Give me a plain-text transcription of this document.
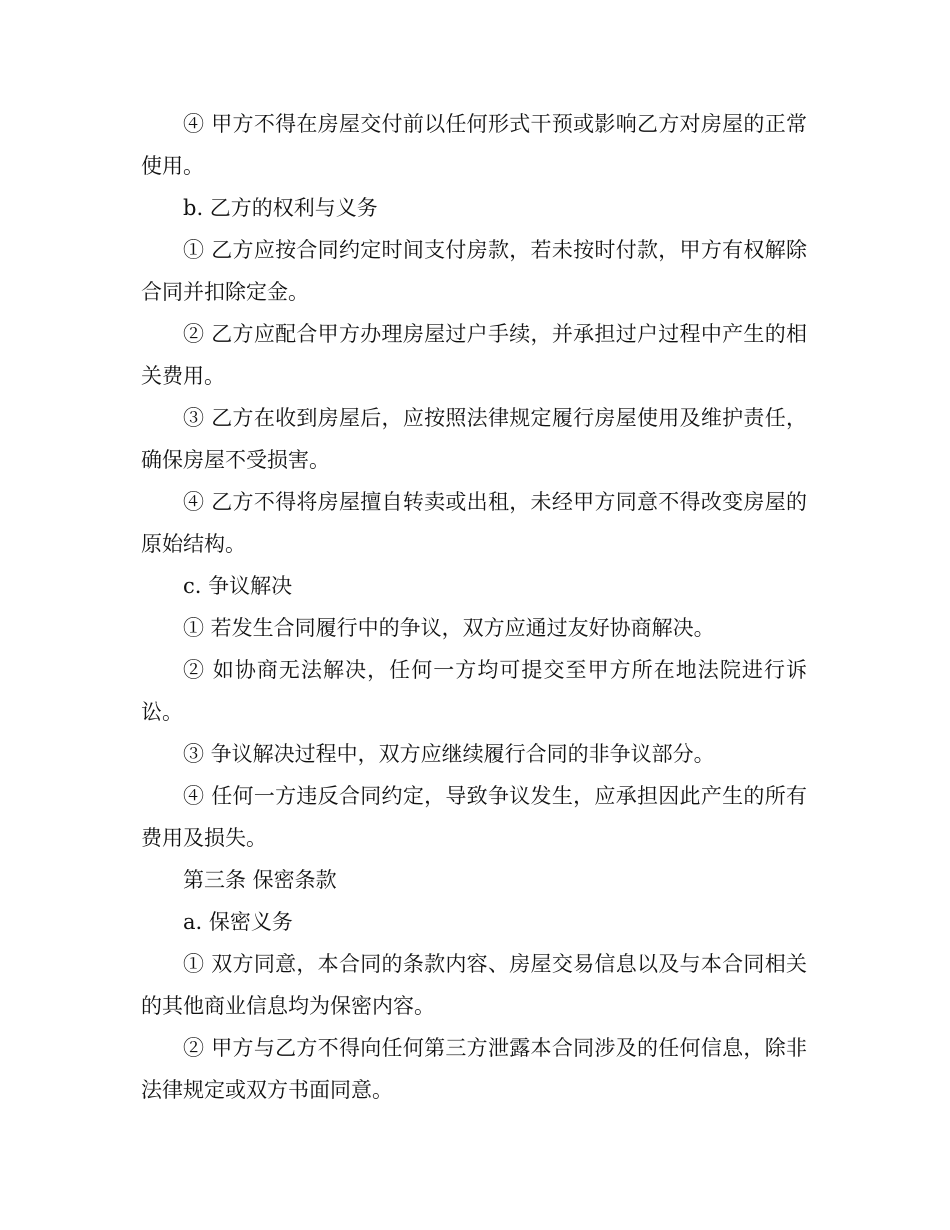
④ 甲方不得在房屋交付前以任何形式干预或影响乙方对房屋的正常使用。

b. 乙方的权利与义务

① 乙方应按合同约定时间支付房款，若未按时付款，甲方有权解除合同并扣除定金。

② 乙方应配合甲方办理房屋过户手续，并承担过户过程中产生的相关费用。

③ 乙方在收到房屋后，应按照法律规定履行房屋使用及维护责任，确保房屋不受损害。

④ 乙方不得将房屋擅自转卖或出租，未经甲方同意不得改变房屋的原始结构。

c. 争议解决

① 若发生合同履行中的争议，双方应通过友好协商解决。

② 如协商无法解决，任何一方均可提交至甲方所在地法院进行诉讼。

③ 争议解决过程中，双方应继续履行合同的非争议部分。

④ 任何一方违反合同约定，导致争议发生，应承担因此产生的所有费用及损失。

第三条 保密条款

a. 保密义务

① 双方同意，本合同的条款内容、房屋交易信息以及与本合同相关的其他商业信息均为保密内容。

② 甲方与乙方不得向任何第三方泄露本合同涉及的任何信息，除非法律规定或双方书面同意。
